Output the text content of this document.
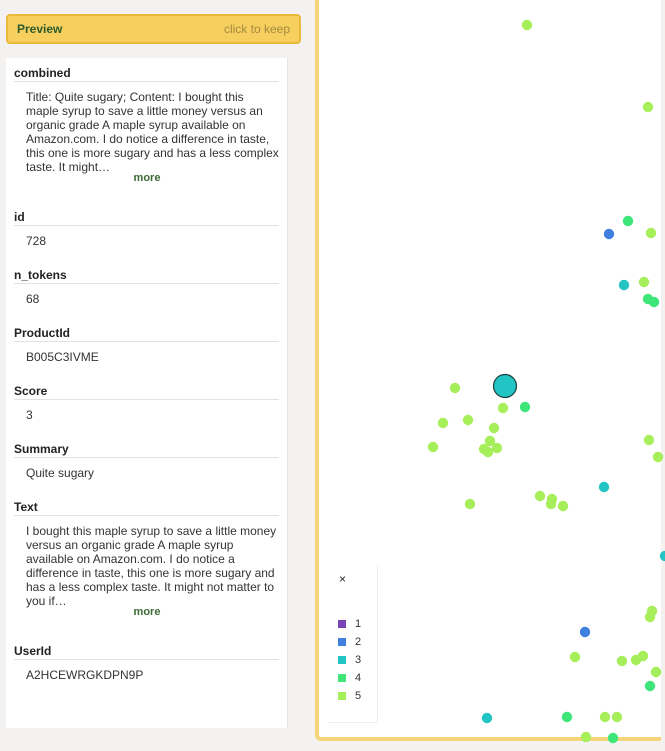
Preview	click to keep
combined
Title: Quite sugary; Content: I bought this maple syrup to save a little money versus an organic grade A maple syrup available on Amazon.com. I do notice a difference in taste, this one is more sugary and has a less complex taste. It might…
more
id
728
n_tokens
68
ProductId
B005C3IVME
Score
3
Summary
Quite sugary
Text
I bought this maple syrup to save a little money versus an organic grade A maple syrup available on Amazon.com. I do notice a difference in taste, this one is more sugary and has a less complex taste. It might not matter to you if…
more
UserId
A2HCEWRGKDPN9P
×
1
2
3
4
5
